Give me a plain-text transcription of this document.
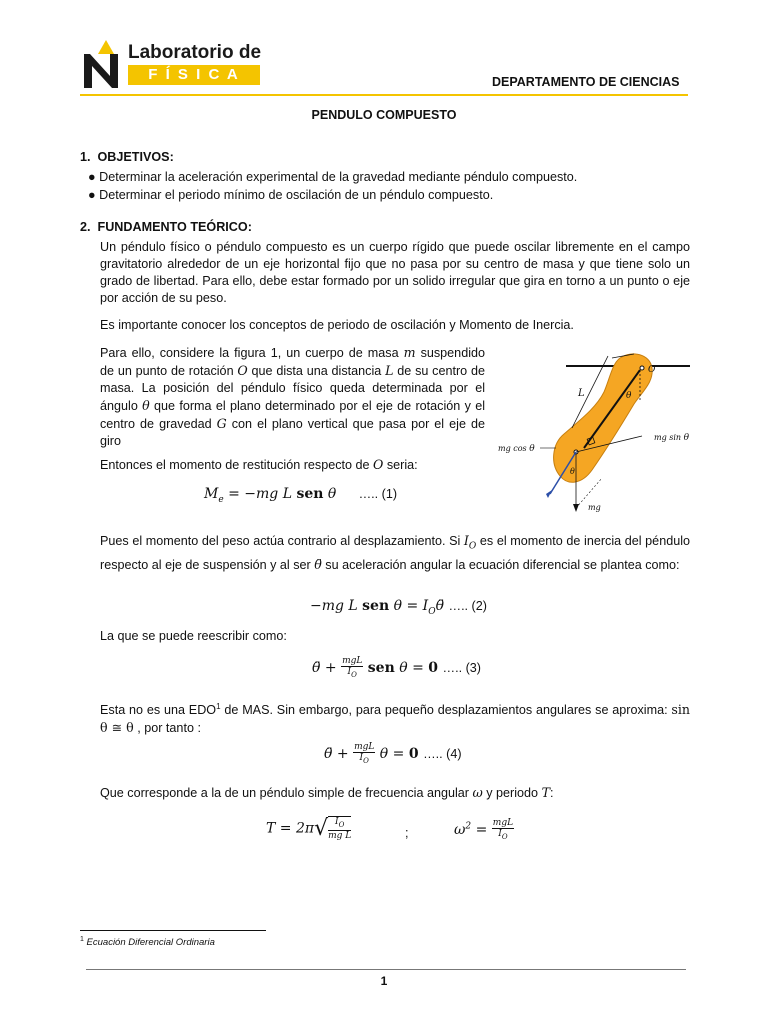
Laboratorio de
F Í S I C A	DEPARTAMENTO DE CIENCIAS
PENDULO COMPUESTO
1.  OBJETIVOS:
● Determinar la aceleración experimental de la gravedad mediante péndulo compuesto.
● Determinar el periodo mínimo de oscilación de un péndulo compuesto.
2.  FUNDAMENTO TEÓRICO:

Un péndulo físico o péndulo compuesto es un cuerpo rígido que puede oscilar libremente en el campo gravitatorio alrededor de un eje horizontal fijo que no pasa por su centro de masa y que tiene solo un grado de libertad. Para ello, debe estar formado por un solido irregular que gira en torno a un punto o eje por acción de su peso.

Es importante conocer los conceptos de periodo de oscilación y Momento de Inercia.

Para ello, considere la figura 1, un cuerpo de masa m suspendido de un punto de rotación O que dista una distancia L de su centro de masa. La posición del péndulo físico queda determinada por el ángulo θ que forma el plano determinado por el eje de rotación y el centro de gravedad G con el plano vertical que pasa por el eje de giro

L
O
θ
mg
θ
mg cos θ
mg sin θ

Entonces el momento de restitución respecto de O seria:

$M_e = -mg$ L sen θ     ….. (1)

Pues el momento del peso actúa contrario al desplazamiento. Si $I_O$ es el momento de inercia del péndulo respecto al eje de suspensión y al ser θ̈ su aceleración angular la ecuación diferencial se plantea como:

−mg L sen $\theta = I_O\thetä$ ….. (2)

La que se puede reescribir como:

θ̈ + $\frac{\text{mgL}}{I_O}$ sen θ = 0 ….. (3)

Esta no es una EDO$^1$ de MAS. Sin embargo, para pequeño desplazamientos angulares se aproxima: sin θ ≅ θ , por tanto :

θ̈ + $\frac{\text{mgL}}{I_O}$ θ = 0 ….. (4)

Que corresponde a la de un péndulo simple de frecuencia angular ω y periodo T:

$T = 2\pi√ \frac{I_O}{\text{mg L}}$	;	$\omega^2 = \frac{\text{mgL}}{I_O}$
$^1$ Ecuación Diferencial Ordinaria
1
